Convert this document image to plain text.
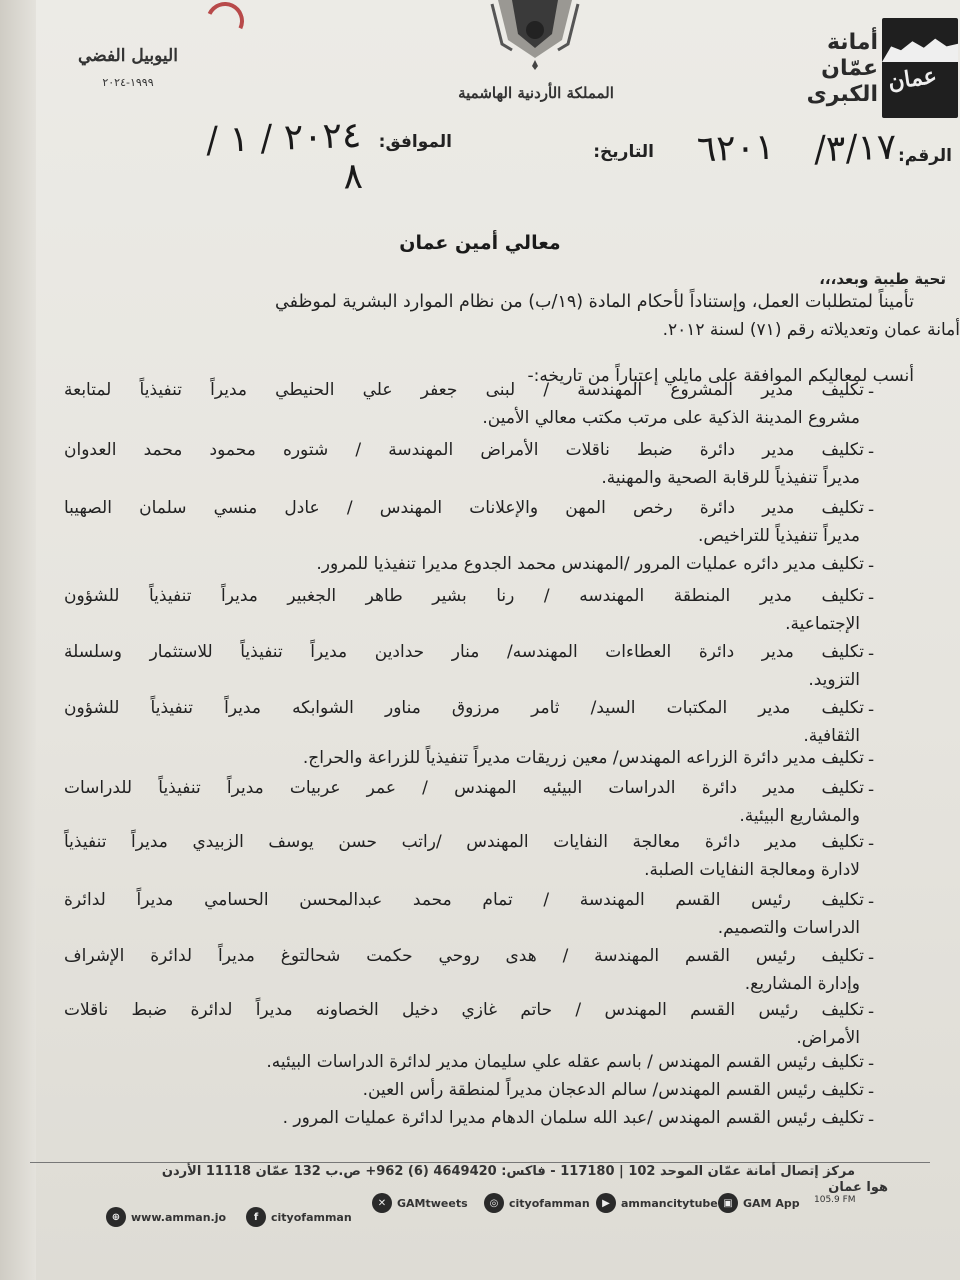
عمان
أمانة
عمّان
الكبرى
المملكة الأردنية الهاشمية
اليوبيل الفضي
١٩٩٩-٢٠٢٤
الرقم:
٣/١٧/
التاريخ: ٦٢٠١
الموافق:
٢٠٢٤ / ١ / ٨
معالي أمين عمان
تحية طيبة وبعد،،،
تأميناً لمتطلبات العمل، وإستناداً لأحكام المادة (١٩/ب) من نظام الموارد البشرية لموظفي
أمانة عمان وتعديلاته رقم (٧١) لسنة ٢٠١٢.
أنسب لمعاليكم الموافقة على مايلي إعتباراً من تاريخه:-
-
تكليف مدير المشروع المهندسة / لبنى جعفر علي الحنيطي مديراً تنفيذياً لمتابعة
مشروع المدينة الذكية على مرتب مكتب معالي الأمين.
-
تكليف مدير دائرة ضبط ناقلات الأمراض المهندسة / شتوره محمود محمد العدوان
مديراً تنفيذياً للرقابة الصحية والمهنية.
-
تكليف مدير دائرة رخص المهن والإعلانات المهندس / عادل منسي سلمان الصهيبا
مديراً تنفيذياً للتراخيص.
-
تكليف مدير دائره عمليات المرور /المهندس محمد الجدوع مديرا تنفيذيا للمرور.
-
تكليف مدير المنطقة المهندسه / رنا بشير طاهر الجغبير مديراً تنفيذياً للشؤون
الإجتماعية.
-
تكليف مدير دائرة العطاءات المهندسه/ منار حدادين مديراً تنفيذياً للاستثمار وسلسلة
التزويد.
-
تكليف مدير المكتبات السيد/ ثامر مرزوق مناور الشوابكه مديراً تنفيذياً للشؤون
الثقافية.
-
تكليف مدير دائرة الزراعه المهندس/ معين زريقات مديراً تنفيذياً للزراعة والحراج.
-
تكليف مدير دائرة الدراسات البيئيه المهندس / عمر عربيات مديراً تنفيذياً للدراسات
والمشاريع البيئية.
-
تكليف مدير دائرة معالجة النفايات المهندس /راتب حسن يوسف الزبيدي مديراً تنفيذياً
لادارة ومعالجة النفايات الصلبة.
-
تكليف رئيس القسم المهندسة / تمام محمد عبدالمحسن الحسامي مديراً لدائرة
الدراسات والتصميم.
-
تكليف رئيس القسم المهندسة / هدى روحي حكمت شحالتوغ مديراً لدائرة الإشراف
وإدارة المشاريع.
-
تكليف رئيس القسم المهندس / حاتم غازي دخيل الخصاونه مديراً لدائرة ضبط ناقلات
الأمراض.
-
تكليف رئيس القسم المهندس / باسم عقله علي سليمان مدير لدائرة الدراسات البيئيه.
-
تكليف رئيس القسم المهندس/ سالم الدعجان مديراً لمنطقة رأس العين.
-
تكليف رئيس القسم المهندس /عبد الله سلمان الدهام مديرا لدائرة عمليات المرور .
مركز إتصال أمانة عمّان الموحد 102 | 117180 - فاكس: 4649420 (6) 962+ ص.ب 132 عمّان 11118 الأردن
هوا عمان
105.9 FM
▣ GAM App
▶	ammancitytube
◎ cityofamman
✕ GAMtweets
f	cityofamman
⊕ www.amman.jo
